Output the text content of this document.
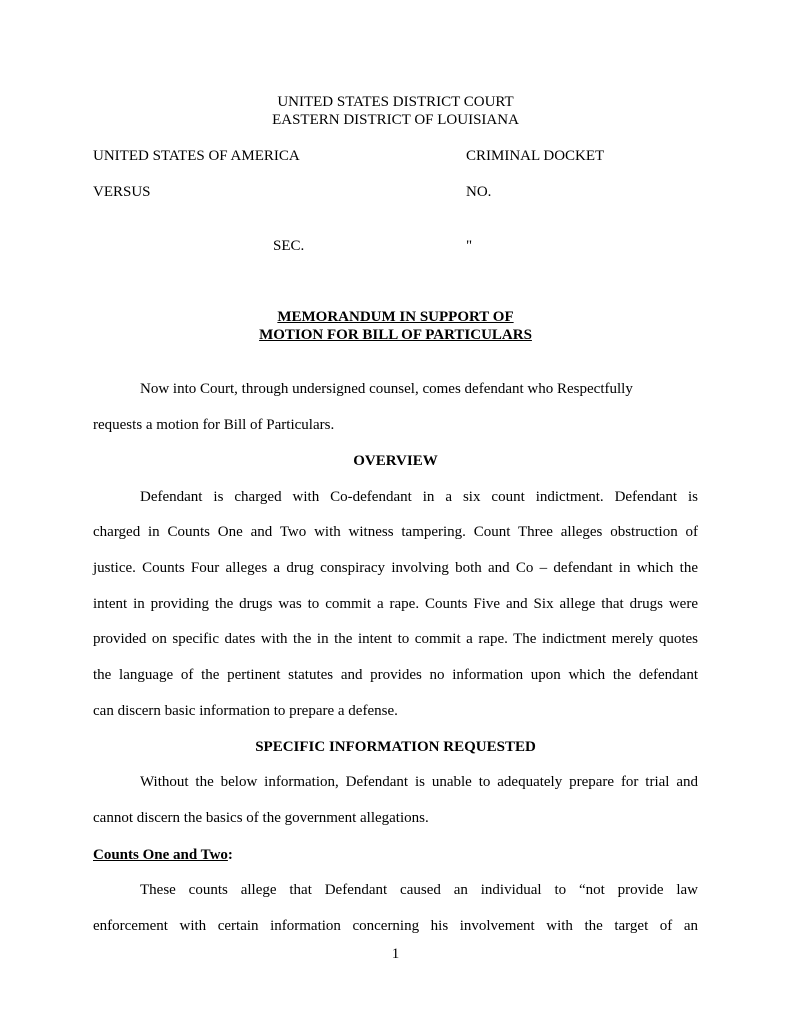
UNITED STATES DISTRICT COURT
EASTERN DISTRICT OF LOUISIANA
UNITED STATES OF AMERICA	CRIMINAL DOCKET
VERSUS	NO.
SEC.	"
MEMORANDUM IN SUPPORT OF
MOTION FOR BILL OF PARTICULARS
Now into Court, through undersigned counsel, comes defendant who Respectfully
requests a motion for Bill of Particulars.
OVERVIEW
Defendant is charged with Co-defendant in a six count indictment. Defendant is
charged in Counts One and Two with witness tampering. Count Three alleges obstruction of
justice. Counts Four alleges a drug conspiracy involving both and Co – defendant in which the
intent in providing the drugs was to commit a rape. Counts Five and Six allege that drugs were
provided on specific dates with the in the intent to commit a rape. The indictment merely quotes
the language of the pertinent statutes and provides no information upon which the defendant
can discern basic information to prepare a defense.
SPECIFIC INFORMATION REQUESTED
Without the below information, Defendant is unable to adequately prepare for trial and
cannot discern the basics of the government allegations.
Counts One and Two:
These counts allege that Defendant caused an individual to “not provide law
enforcement with certain information concerning his involvement with the target of an
1
